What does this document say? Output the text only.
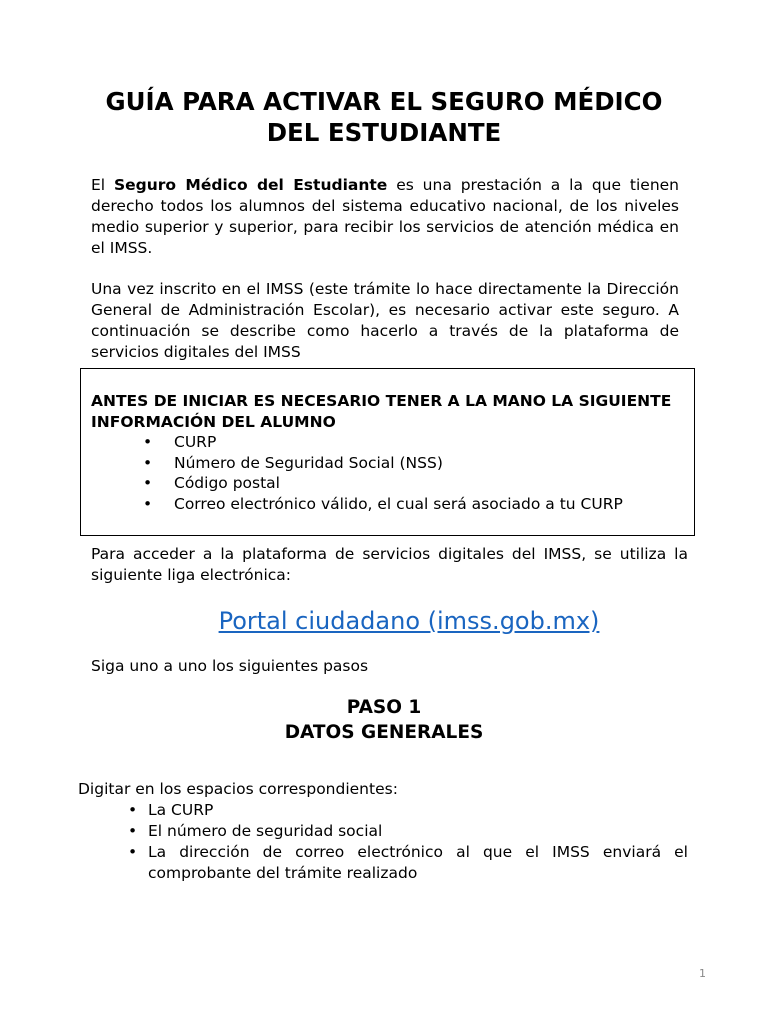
GUÍA PARA ACTIVAR EL SEGURO MÉDICO
DEL ESTUDIANTE

El Seguro Médico del Estudiante es una prestación a la que tienen derecho todos los alumnos del sistema educativo nacional, de los niveles medio superior y superior, para recibir los servicios de atención médica en el IMSS.

Una vez inscrito en el IMSS (este trámite lo hace directamente la Dirección General de Administración Escolar), es necesario activar este seguro. A continuación se describe como hacerlo a través de la plataforma de servicios digitales del IMSS

ANTES DE INICIAR ES NECESARIO TENER A LA MANO LA SIGUIENTE INFORMACIÓN DEL ALUMNO

• CURP
• Número de Seguridad Social (NSS)
• Código postal
• Correo electrónico válido, el cual será asociado a tu CURP

Para acceder a la plataforma de servicios digitales del IMSS, se utiliza la siguiente liga electrónica:

Portal ciudadano (imss.gob.mx)

Siga uno a uno los siguientes pasos

PASO 1
DATOS GENERALES

Digitar en los espacios correspondientes:

• La CURP
• El número de seguridad social
• La dirección de correo electrónico al que el IMSS enviará el comprobante del trámite realizado
1
